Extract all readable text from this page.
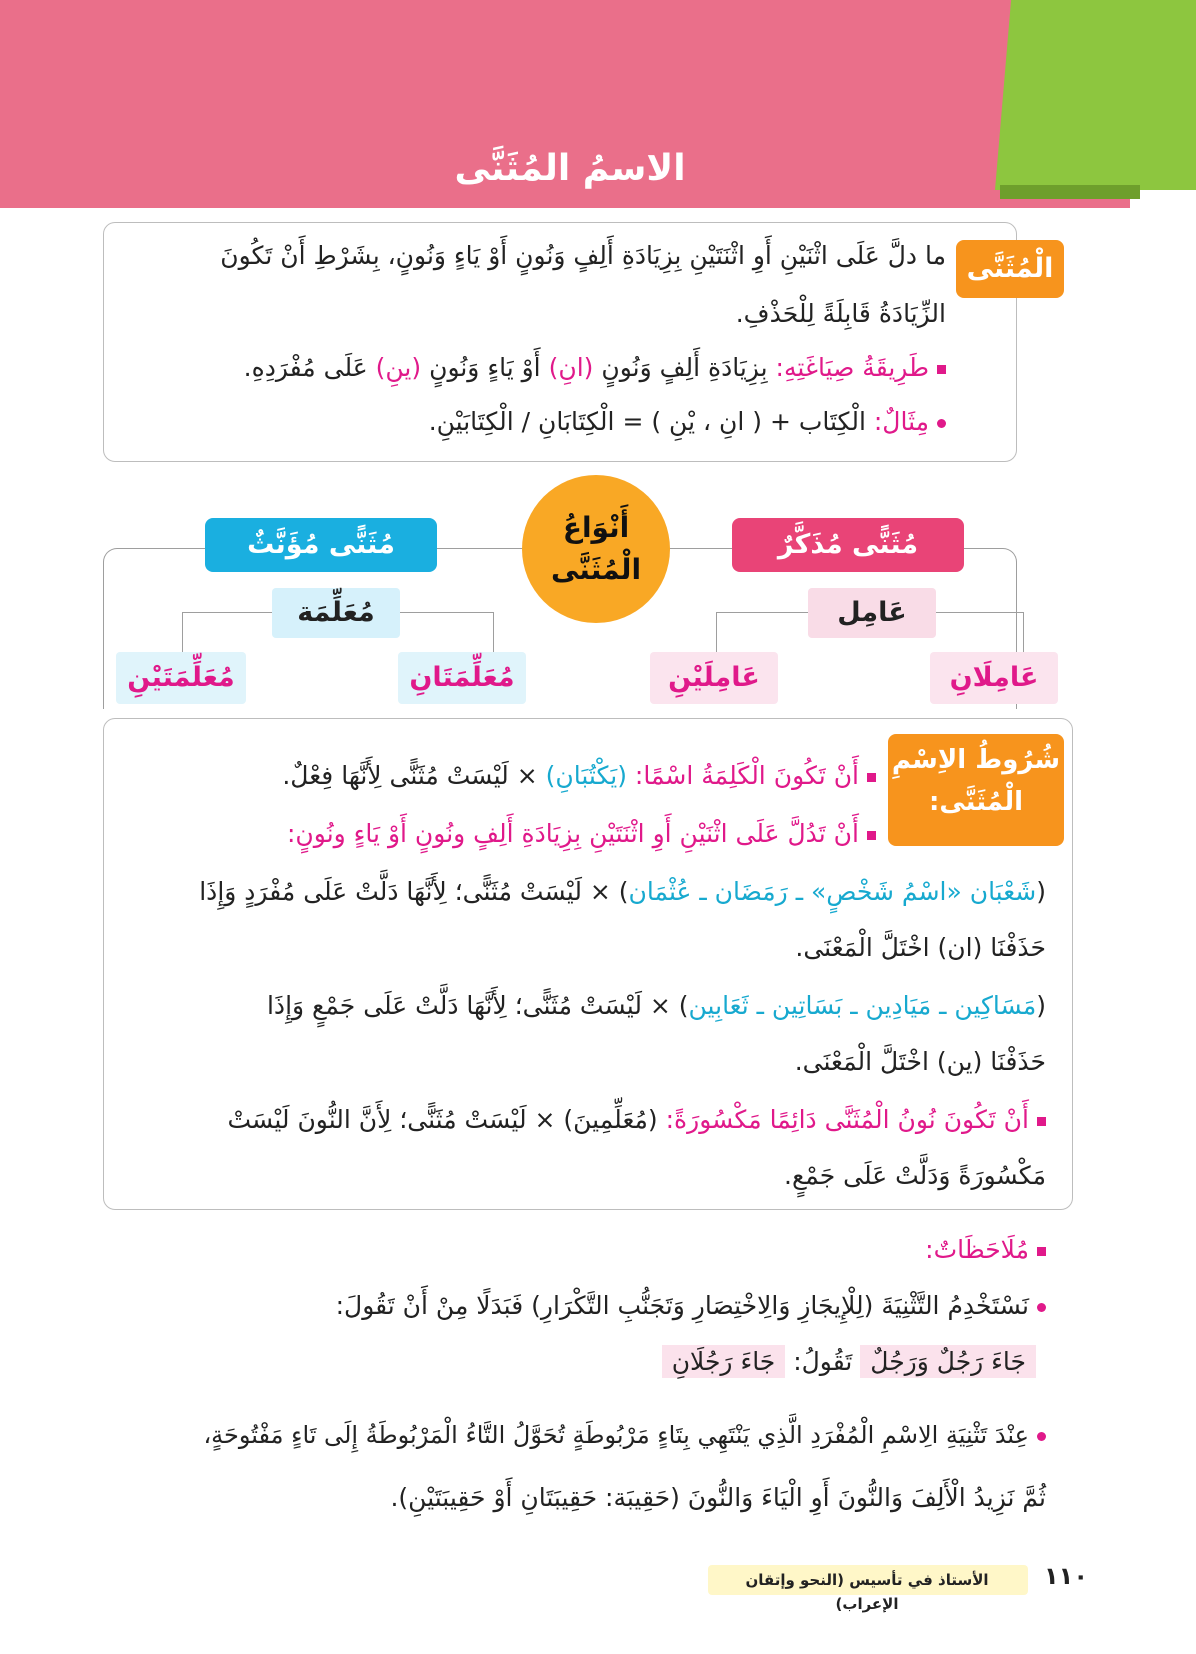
الاسمُ المُثَنَّى
الْمُثَنَّى
ما دلَّ عَلَى اثْنَيْنِ أَوِ اثْنَتَيْنِ بِزِيَادَةِ أَلِفٍ وَنُونٍ أَوْ يَاءٍ وَنُونٍ، بِشَرْطِ أَنْ تَكُونَ
الزِّيَادَةُ قَابِلَةً لِلْحَذْفِ.
طَرِيقَةُ صِيَاغَتِهِ: بِزِيَادَةِ أَلِفٍ وَنُونٍ (انِ) أَوْ يَاءٍ وَنُونٍ (ينِ) عَلَى مُفْرَدِهِ.
مِثَالٌ: الْكِتَاب + ( انِ ، يْنِ ) = الْكِتَابَانِ / الْكِتَابَيْنِ.
مُثَنًّى مُؤَنَّثٌ	مُثَنًّى مُذَكَّرٌ
أَنْوَاعُ
الْمُثَنَّى
مُعَلِّمَة
مُعَلِّمَتَانِ
مُعَلِّمَتَيْنِ
عَامِل
عَامِلَانِ
عَامِلَيْنِ
شُرُوطُ الاِسْمِ
الْمُثَنَّى:
أَنْ تَكُونَ الْكَلِمَةُ اسْمًا: (يَكْتُبَانِ) × لَيْسَتْ مُثَنًّى لِأَنَّهَا فِعْلٌ.
أَنْ تَدُلَّ عَلَى اثْنَيْنِ أَوِ اثْنَتَيْنِ بِزِيَادَةِ أَلِفٍ ونُونٍ أَوْ يَاءٍ ونُونٍ:
(شَعْبَان «اسْمُ شَخْصٍ» ـ رَمَضَان ـ عُثْمَان) × لَيْسَتْ مُثَنًّى؛ لِأَنَّهَا دَلَّتْ عَلَى مُفْرَدٍ وَإِذَا
حَذَفْنَا (ان) اخْتَلَّ الْمَعْنَى.
(مَسَاكِين ـ مَيَادِين ـ بَسَاتِين ـ ثَعَابِين) × لَيْسَتْ مُثَنًّى؛ لِأَنَّهَا دَلَّتْ عَلَى جَمْعٍ وَإِذَا
حَذَفْنَا (ين) اخْتَلَّ الْمَعْنَى.
أَنْ تَكُونَ نُونُ الْمُثَنَّى دَائِمًا مَكْسُورَةً: (مُعَلِّمِينَ) × لَيْسَتْ مُثَنًّى؛ لِأَنَّ النُّونَ لَيْسَتْ
مَكْسُورَةً وَدَلَّتْ عَلَى جَمْعٍ.
مُلَاحَظَاتٌ:
نَسْتَخْدِمُ التَّثْنِيَةَ (لِلْإِيجَازِ وَالِاخْتِصَارِ وَتَجَنُّبِ التَّكْرَارِ) فَبَدَلًا مِنْ أَنْ تَقُولَ:
جَاءَ رَجُلٌ وَرَجُلٌ تَقُولُ: جَاءَ رَجُلَانِ
عِنْدَ تَثْنِيَةِ الِاسْمِ الْمُفْرَدِ الَّذِي يَنْتَهِي بِتَاءٍ مَرْبُوطَةٍ تُحَوَّلُ التَّاءُ الْمَرْبُوطَةُ إِلَى تَاءٍ مَفْتُوحَةٍ،
ثُمَّ نَزِيدُ الْأَلِفَ وَالنُّونَ أَوِ الْيَاءَ وَالنُّونَ (حَقِيبَة: حَقِيبَتَانِ أَوْ حَقِيبَتَيْنِ).
الأستاذ في تأسيس (النحو وإتقان الإعراب)
١١٠
